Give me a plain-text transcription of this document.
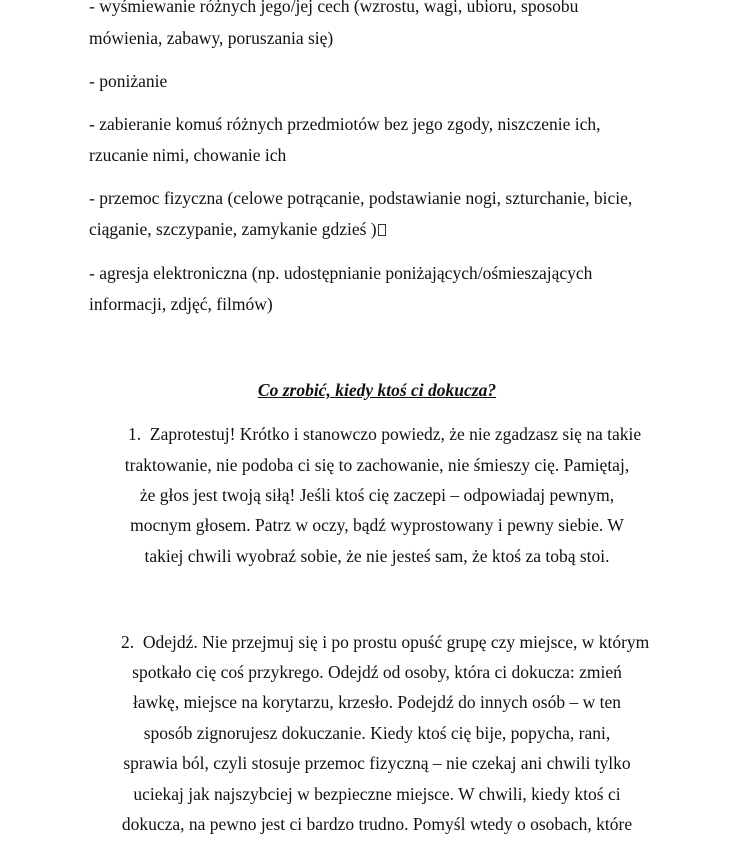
- wyśmiewanie różnych jego/jej cech (wzrostu, wagi, ubioru, sposobu
mówienia, zabawy, poruszania się)
- poniżanie
- zabieranie komuś różnych przedmiotów bez jego zgody, niszczenie ich,
rzucanie nimi, chowanie ich
- przemoc fizyczna (celowe potrącanie, podstawianie nogi, szturchanie, bicie,
ciąganie, szczypanie, zamykanie gdzieś )
- agresja elektroniczna (np. udostępnianie poniżających/ośmieszających
informacji, zdjęć, filmów)
Co zrobić, kiedy ktoś ci dokucza?
1. Zaprotestuj! Krótko i stanowczo powiedz, że nie zgadzasz się na takie
traktowanie, nie podoba ci się to zachowanie, nie śmieszy cię. Pamiętaj,
że głos jest twoją siłą! Jeśli ktoś cię zaczepi – odpowiadaj pewnym,
mocnym głosem. Patrz w oczy, bądź wyprostowany i pewny siebie. W
takiej chwili wyobraź sobie, że nie jesteś sam, że ktoś za tobą stoi.
2. Odejdź. Nie przejmuj się i po prostu opuść grupę czy miejsce, w którym
spotkało cię coś przykrego. Odejdź od osoby, która ci dokucza: zmień
ławkę, miejsce na korytarzu, krzesło. Podejdź do innych osób – w ten
sposób zignorujesz dokuczanie. Kiedy ktoś cię bije, popycha, rani,
sprawia ból, czyli stosuje przemoc fizyczną – nie czekaj ani chwili tylko
uciekaj jak najszybciej w bezpieczne miejsce. W chwili, kiedy ktoś ci
dokucza, na pewno jest ci bardzo trudno. Pomyśl wtedy o osobach, które
